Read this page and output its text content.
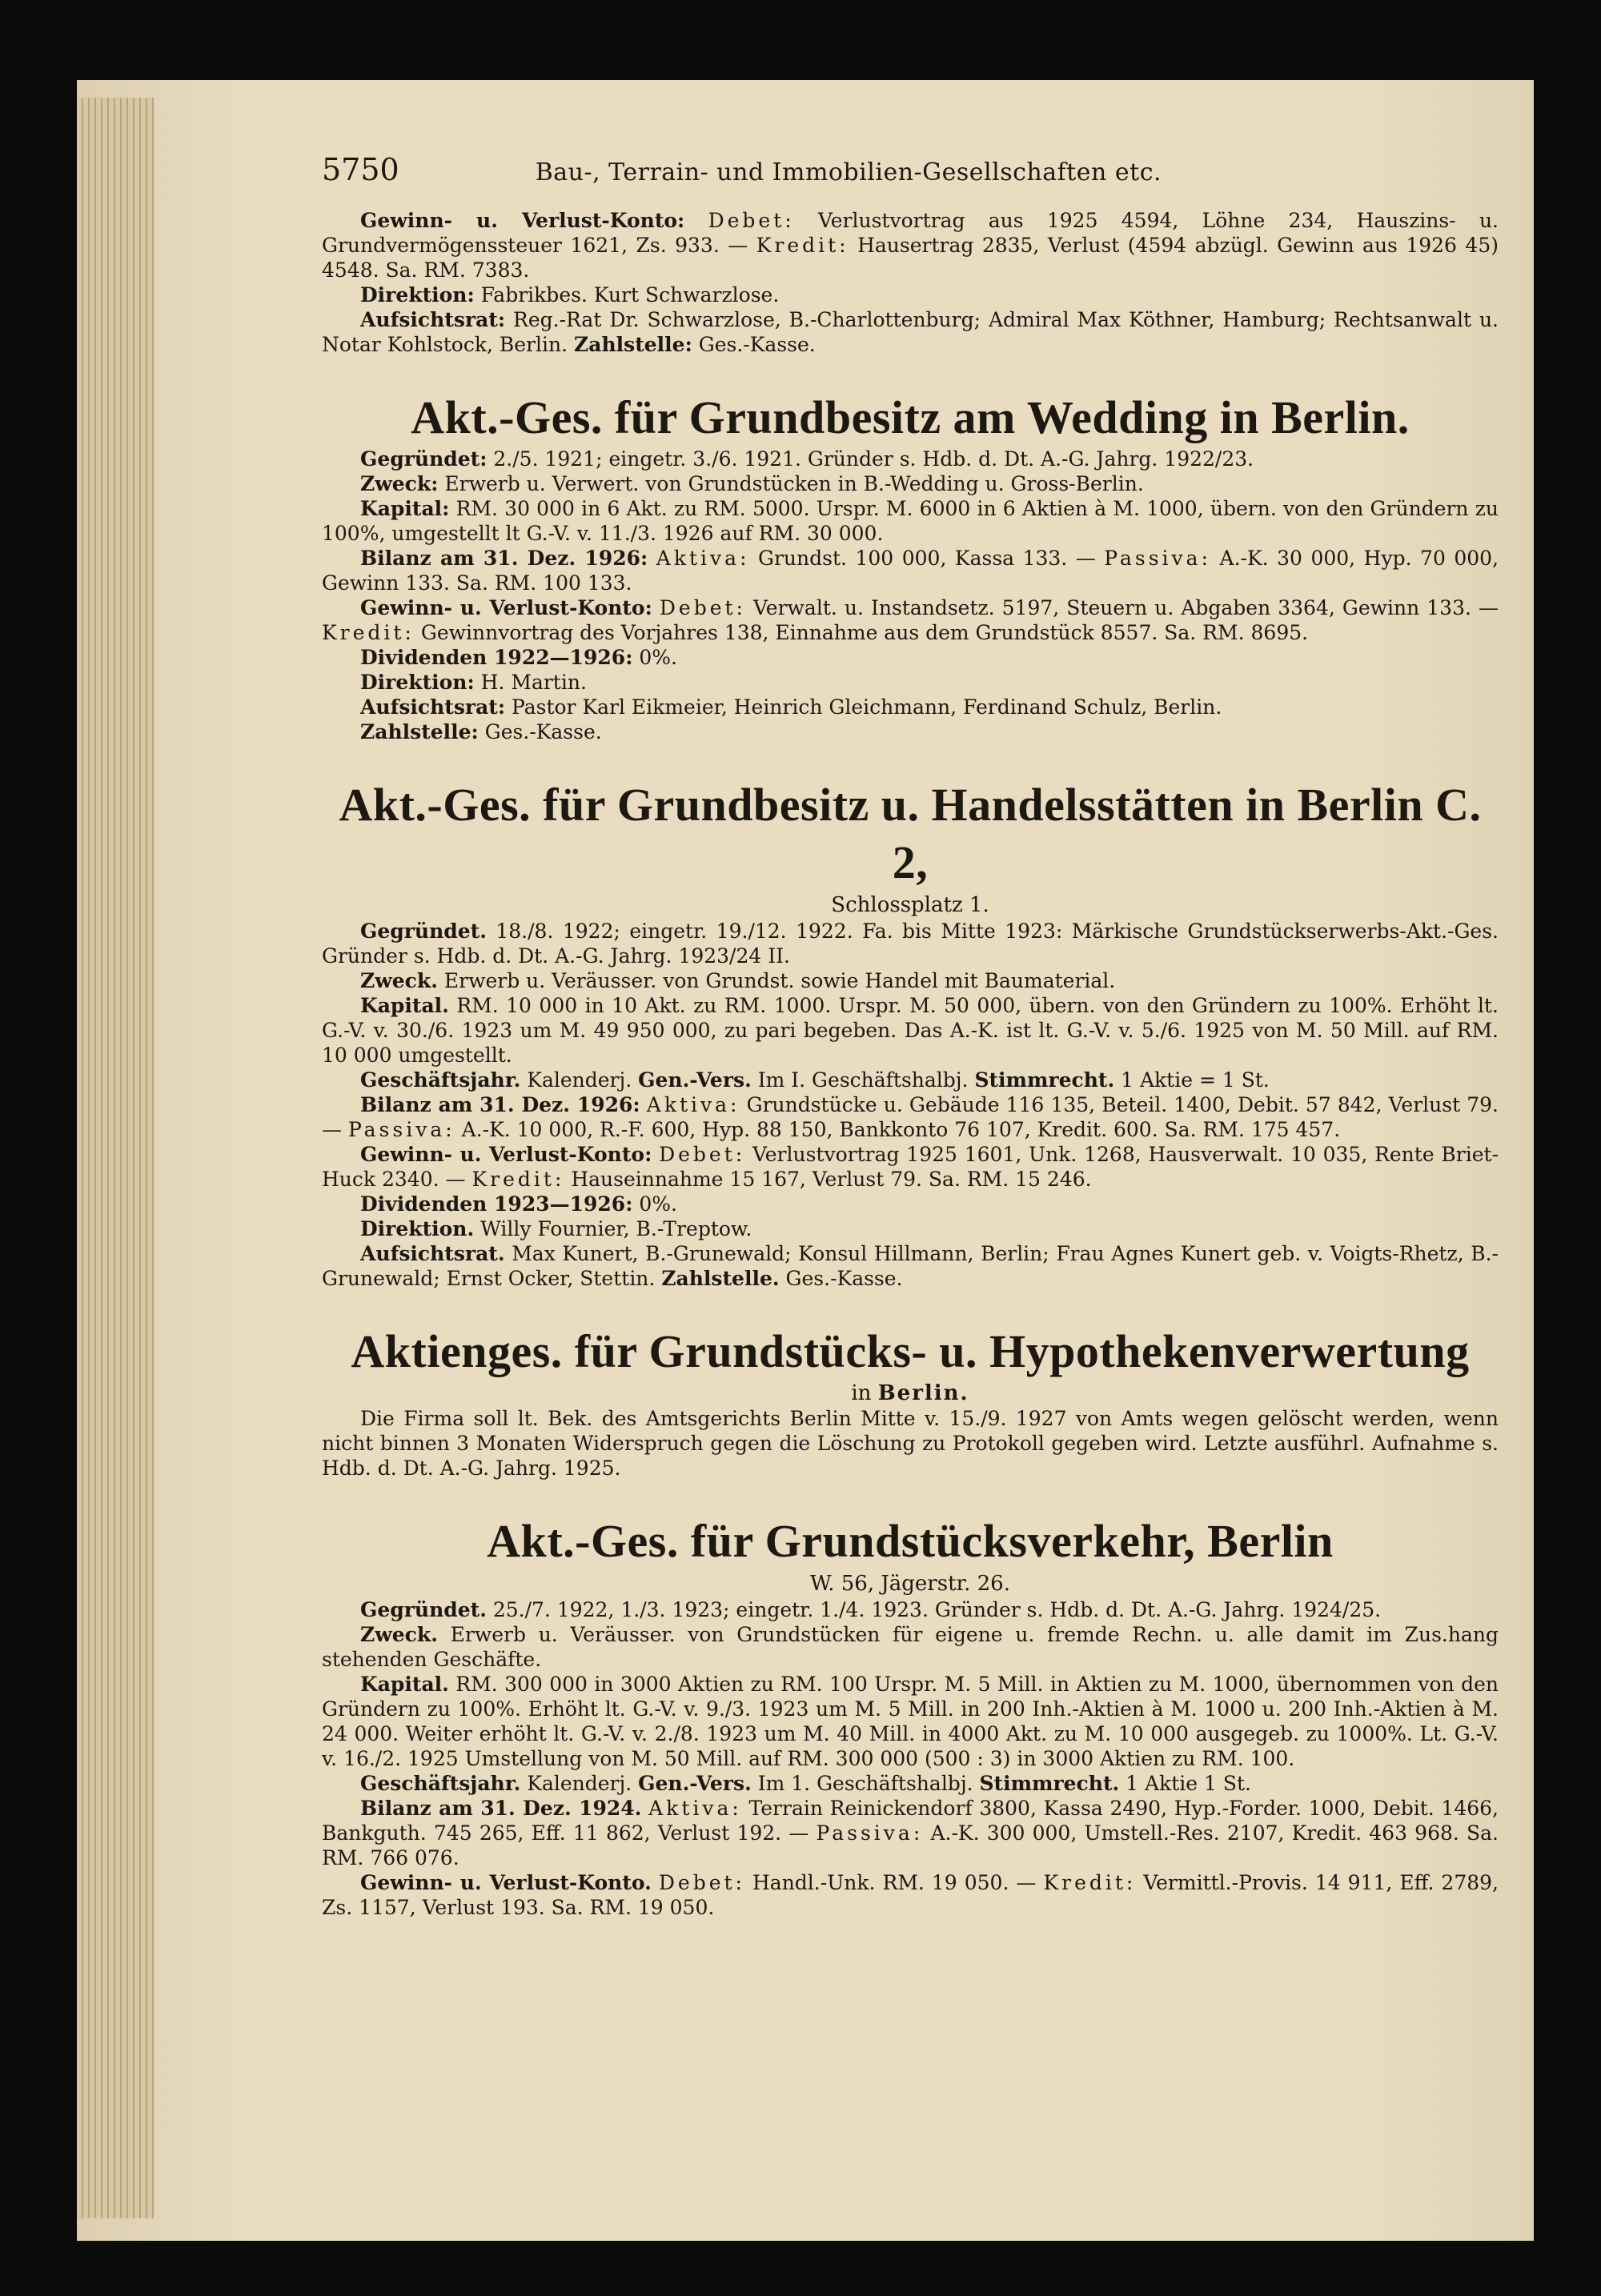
5750	Bau-, Terrain- und Immobilien-Gesellschaften etc.

Gewinn- u. Verlust-Konto: Debet: Verlustvortrag aus 1925 4594, Löhne 234, Hauszins- u. Grundvermögenssteuer 1621, Zs. 933. — Kredit: Hausertrag 2835, Verlust (4594 abzügl. Gewinn aus 1926 45) 4548. Sa. RM. 7383.

Direktion: Fabrikbes. Kurt Schwarzlose.

Aufsichtsrat: Reg.-Rat Dr. Schwarzlose, B.-Charlottenburg; Admiral Max Köthner, Hamburg; Rechtsanwalt u. Notar Kohlstock, Berlin. Zahlstelle: Ges.-Kasse.

Akt.-Ges. für Grundbesitz am Wedding in Berlin.

Gegründet: 2./5. 1921; eingetr. 3./6. 1921. Gründer s. Hdb. d. Dt. A.-G. Jahrg. 1922/23.

Zweck: Erwerb u. Verwert. von Grundstücken in B.-Wedding u. Gross-Berlin.

Kapital: RM. 30 000 in 6 Akt. zu RM. 5000. Urspr. M. 6000 in 6 Aktien à M. 1000, übern. von den Gründern zu 100%, umgestellt lt G.-V. v. 11./3. 1926 auf RM. 30 000.

Bilanz am 31. Dez. 1926: Aktiva: Grundst. 100 000, Kassa 133. — Passiva: A.-K. 30 000, Hyp. 70 000, Gewinn 133. Sa. RM. 100 133.

Gewinn- u. Verlust-Konto: Debet: Verwalt. u. Instandsetz. 5197, Steuern u. Abgaben 3364, Gewinn 133. — Kredit: Gewinnvortrag des Vorjahres 138, Einnahme aus dem Grundstück 8557. Sa. RM. 8695.

Dividenden 1922—1926: 0%.

Direktion: H. Martin.

Aufsichtsrat: Pastor Karl Eikmeier, Heinrich Gleichmann, Ferdinand Schulz, Berlin.

Zahlstelle: Ges.-Kasse.

Akt.-Ges. für Grundbesitz u. Handelsstätten in Berlin C. 2,

Schlossplatz 1.

Gegründet. 18./8. 1922; eingetr. 19./12. 1922. Fa. bis Mitte 1923: Märkische Grundstückserwerbs-Akt.-Ges. Gründer s. Hdb. d. Dt. A.-G. Jahrg. 1923/24 II.

Zweck. Erwerb u. Veräusser. von Grundst. sowie Handel mit Baumaterial.

Kapital. RM. 10 000 in 10 Akt. zu RM. 1000. Urspr. M. 50 000, übern. von den Gründern zu 100%. Erhöht lt. G.-V. v. 30./6. 1923 um M. 49 950 000, zu pari begeben. Das A.-K. ist lt. G.-V. v. 5./6. 1925 von M. 50 Mill. auf RM. 10 000 umgestellt.

Geschäftsjahr. Kalenderj. Gen.-Vers. Im I. Geschäftshalbj. Stimmrecht. 1 Aktie = 1 St.

Bilanz am 31. Dez. 1926: Aktiva: Grundstücke u. Gebäude 116 135, Beteil. 1400, Debit. 57 842, Verlust 79. — Passiva: A.-K. 10 000, R.-F. 600, Hyp. 88 150, Bankkonto 76 107, Kredit. 600. Sa. RM. 175 457.

Gewinn- u. Verlust-Konto: Debet: Verlustvortrag 1925 1601, Unk. 1268, Hausverwalt. 10 035, Rente Briet-Huck 2340. — Kredit: Hauseinnahme 15 167, Verlust 79. Sa. RM. 15 246.

Dividenden 1923—1926: 0%.

Direktion. Willy Fournier, B.-Treptow.

Aufsichtsrat. Max Kunert, B.-Grunewald; Konsul Hillmann, Berlin; Frau Agnes Kunert geb. v. Voigts-Rhetz, B.-Grunewald; Ernst Ocker, Stettin. Zahlstelle. Ges.-Kasse.

Aktienges. für Grundstücks- u. Hypothekenverwertung

in Berlin.

Die Firma soll lt. Bek. des Amtsgerichts Berlin Mitte v. 15./9. 1927 von Amts wegen gelöscht werden, wenn nicht binnen 3 Monaten Widerspruch gegen die Löschung zu Protokoll gegeben wird. Letzte ausführl. Aufnahme s. Hdb. d. Dt. A.-G. Jahrg. 1925.

Akt.-Ges. für Grundstücksverkehr, Berlin

W. 56, Jägerstr. 26.

Gegründet. 25./7. 1922, 1./3. 1923; eingetr. 1./4. 1923. Gründer s. Hdb. d. Dt. A.-G. Jahrg. 1924/25.

Zweck. Erwerb u. Veräusser. von Grundstücken für eigene u. fremde Rechn. u. alle damit im Zus.hang stehenden Geschäfte.

Kapital. RM. 300 000 in 3000 Aktien zu RM. 100 Urspr. M. 5 Mill. in Aktien zu M. 1000, übernommen von den Gründern zu 100%. Erhöht lt. G.-V. v. 9./3. 1923 um M. 5 Mill. in 200 Inh.-Aktien à M. 1000 u. 200 Inh.-Aktien à M. 24 000. Weiter erhöht lt. G.-V. v. 2./8. 1923 um M. 40 Mill. in 4000 Akt. zu M. 10 000 ausgegeb. zu 1000%. Lt. G.-V. v. 16./2. 1925 Umstellung von M. 50 Mill. auf RM. 300 000 (500 : 3) in 3000 Aktien zu RM. 100.

Geschäftsjahr. Kalenderj. Gen.-Vers. Im 1. Geschäftshalbj. Stimmrecht. 1 Aktie 1 St.

Bilanz am 31. Dez. 1924. Aktiva: Terrain Reinickendorf 3800, Kassa 2490, Hyp.-Forder. 1000, Debit. 1466, Bankguth. 745 265, Eff. 11 862, Verlust 192. — Passiva: A.-K. 300 000, Umstell.-Res. 2107, Kredit. 463 968. Sa. RM. 766 076.

Gewinn- u. Verlust-Konto. Debet: Handl.-Unk. RM. 19 050. — Kredit: Vermittl.-Provis. 14 911, Eff. 2789, Zs. 1157, Verlust 193. Sa. RM. 19 050.
